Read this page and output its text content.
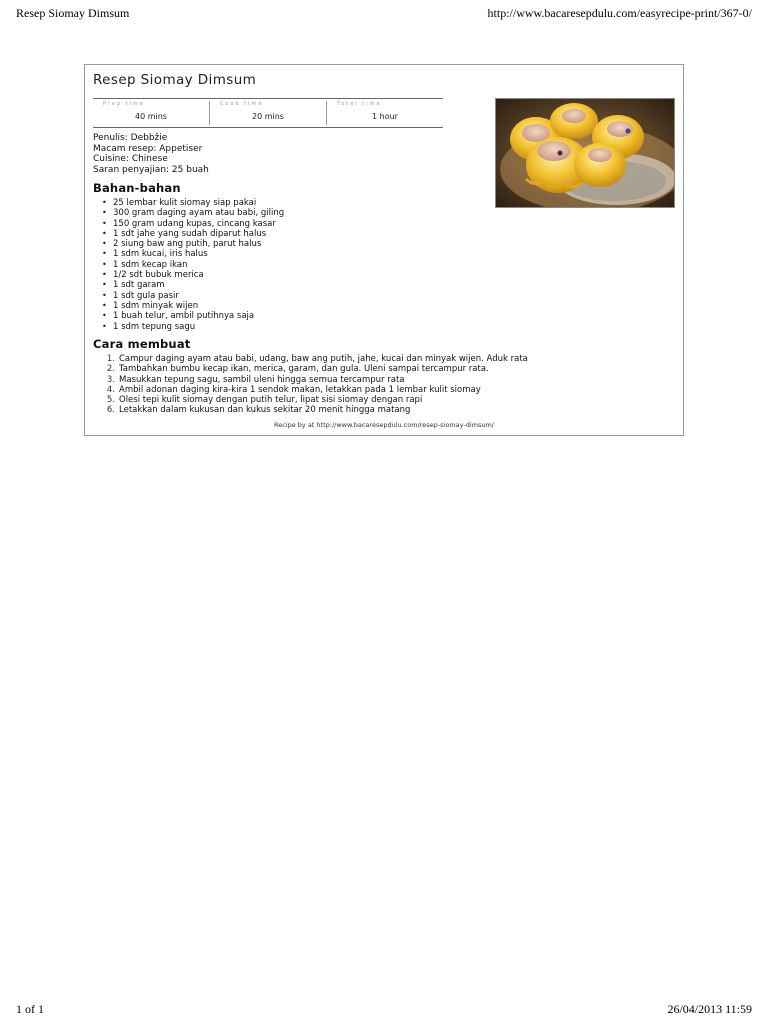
Resep Siomay Dimsum	http://www.bacaresepdulu.com/easyrecipe-print/367-0/
Resep Siomay Dimsum
Prep time
40 mins
Cook time
20 mins
Total time
1 hour
Penulis: Debbžie
Macam resep: Appetiser
Cuisine: Chinese
Saran penyajian: 25 buah
Bahan-bahan
• 25 lembar kulit siomay siap pakai
• 300 gram daging ayam atau babi, giling
• 150 gram udang kupas, cincang kasar
• 1 sdt jahe yang sudah diparut halus
• 2 siung baw ang putih, parut halus
• 1 sdm kucai, iris halus
• 1 sdm kecap ikan
• 1/2 sdt bubuk merica
• 1 sdt garam
• 1 sdt gula pasir
• 1 sdm minyak wijen
• 1 buah telur, ambil putihnya saja
• 1 sdm tepung sagu
Cara membuat
1. Campur daging ayam atau babi, udang, baw ang putih, jahe, kucai dan minyak wijen. Aduk rata
2. Tambahkan bumbu kecap ikan, merica, garam, dan gula. Uleni sampai tercampur rata.
3. Masukkan tepung sagu, sambil uleni hingga semua tercampur rata
4. Ambil adonan daging kira-kira 1 sendok makan, letakkan pada 1 lembar kulit siomay
5. Olesi tepi kulit siomay dengan putih telur, lipat sisi siomay dengan rapi
6. Letakkan dalam kukusan dan kukus sekitar 20 menit hingga matang
Recipe by at http://www.bacaresepdulu.com/resep-siomay-dimsum/
1 of 1	26/04/2013 11:59
